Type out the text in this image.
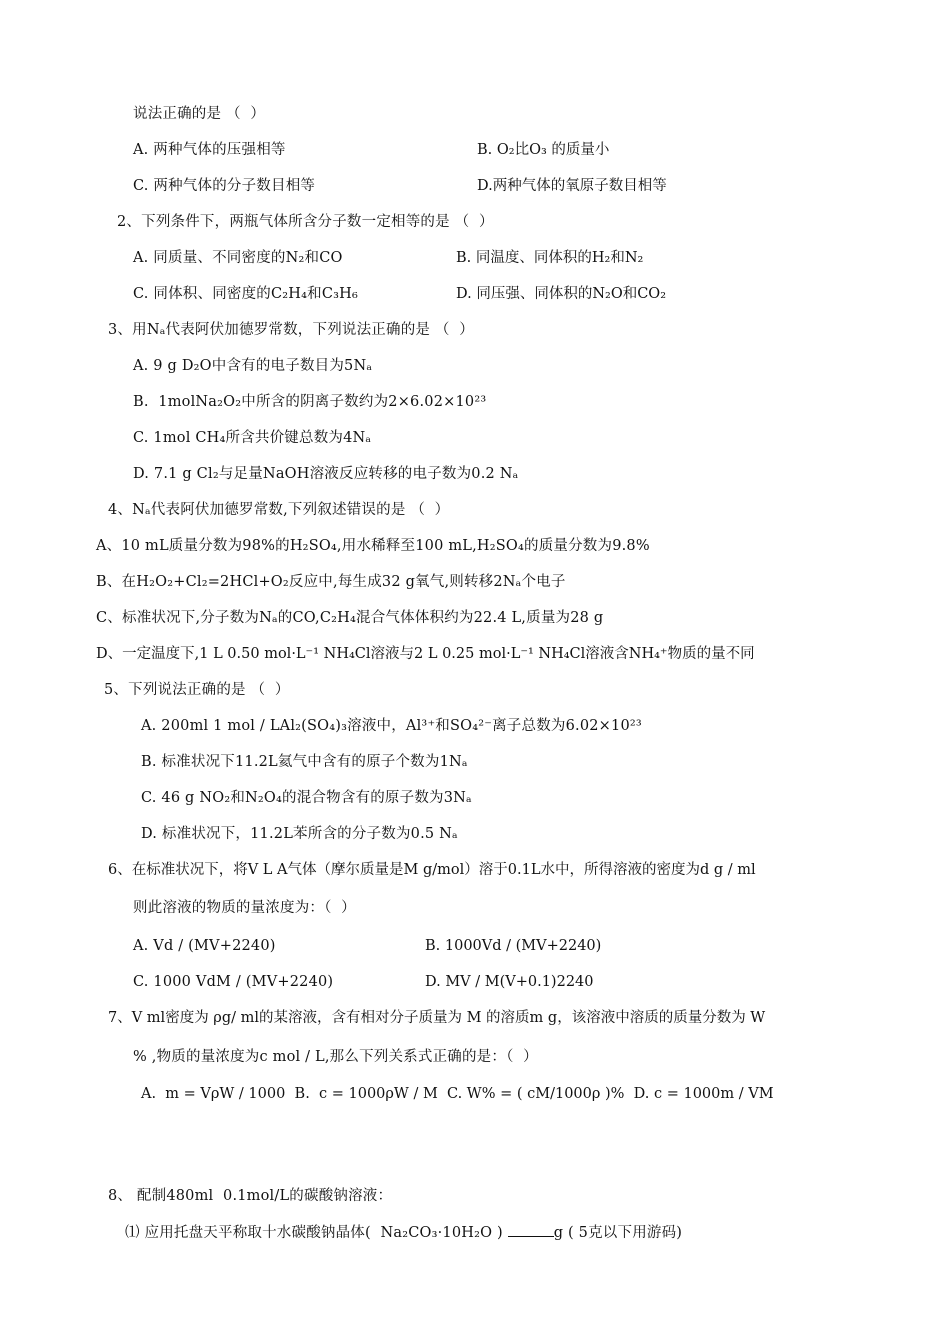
说法正确的是 （  ）
A. 两种气体的压强相等	B. O₂比O₃ 的质量小
C. 两种气体的分子数目相等	D.两种气体的氧原子数目相等
2、下列条件下，两瓶气体所含分子数一定相等的是 （  ）
A. 同质量、不同密度的N₂和CO	B. 同温度、同体积的H₂和N₂
C. 同体积、同密度的C₂H₄和C₃H₆	D. 同压强、同体积的N₂O和CO₂
3、用Nₐ代表阿伏加德罗常数，下列说法正确的是 （  ）
A. 9 g D₂O中含有的电子数目为5Nₐ
B.  1molNa₂O₂中所含的阴离子数约为2×6.02×10²³
C. 1mol CH₄所含共价键总数为4Nₐ
D. 7.1 g Cl₂与足量NaOH溶液反应转移的电子数为0.2 Nₐ
4、Nₐ代表阿伏加德罗常数,下列叙述错误的是 （  ）
A、10 mL质量分数为98%的H₂SO₄,用水稀释至100 mL,H₂SO₄的质量分数为9.8%
B、在H₂O₂+Cl₂=2HCl+O₂反应中,每生成32 g氧气,则转移2Nₐ个电子
C、标准状况下,分子数为Nₐ的CO,C₂H₄混合气体体积约为22.4 L,质量为28 g
D、一定温度下,1 L 0.50 mol·L⁻¹ NH₄Cl溶液与2 L 0.25 mol·L⁻¹ NH₄Cl溶液含NH₄⁺物质的量不同
5、下列说法正确的是 （  ）
A. 200ml 1 mol / LAl₂(SO₄)₃溶液中，Al³⁺和SO₄²⁻离子总数为6.02×10²³
B. 标准状况下11.2L氦气中含有的原子个数为1Nₐ
C. 46 g NO₂和N₂O₄的混合物含有的原子数为3Nₐ
D. 标准状况下，11.2L苯所含的分子数为0.5 Nₐ
6、在标准状况下，将V L A气体（摩尔质量是M g/mol）溶于0.1L水中，所得溶液的密度为d g / ml
则此溶液的物质的量浓度为：（  ）
A. Vd / (MV+2240)	B. 1000Vd / (MV+2240)
C. 1000 VdM / (MV+2240)	D. MV / M(V+0.1)2240
7、V ml密度为 ρg/ ml的某溶液，含有相对分子质量为 M 的溶质m g，该溶液中溶质的质量分数为 W
% ,物质的量浓度为c mol / L,那么下列关系式正确的是：（  ）
A.  m = VρW / 1000  B.  c = 1000ρW / M  C. W% = ( cM/1000ρ )%  D. c = 1000m / VM
8、 配制480ml  0.1mol/L的碳酸钠溶液：
⑴ 应用托盘天平称取十水碳酸钠晶体(  Na₂CO₃·10H₂O )	g ( 5克以下用游码)
